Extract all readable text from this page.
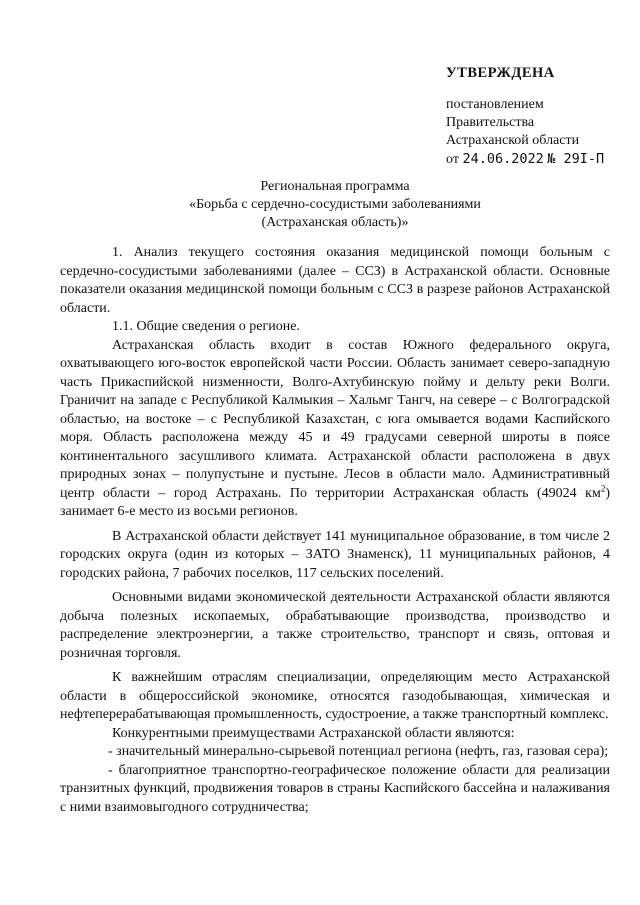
УТВЕРЖДЕНА
постановлением
Правительства
Астраханской области
от 24.06.2022 № 29I-П
Региональная программа
«Борьба с сердечно-сосудистыми заболеваниями
(Астраханская область)»

1. Анализ текущего состояния оказания медицинской помощи больным с сердечно-сосудистыми заболеваниями (далее – ССЗ) в Астраханской области. Основные показатели оказания медицинской помощи больным с ССЗ в разрезе районов Астраханской области.

1.1. Общие сведения о регионе.

Астраханская область входит в состав Южного федерального округа, охватывающего юго-восток европейской части России. Область занимает северо-западную часть Прикаспийской низменности, Волго-Ахтубинскую пойму и дельту реки Волги. Граничит на западе с Республикой Калмыкия – Хальмг Тангч, на севере – с Волгоградской областью, на востоке – с Республикой Казахстан, с юга омывается водами Каспийского моря. Область расположена между 45 и 49 градусами северной широты в поясе континентального засушливого климата. Астраханской области расположена в двух природных зонах – полупустыне и пустыне. Лесов в области мало. Административный центр области – город Астрахань. По территории Астраханская область (49024 $км^2$) занимает 6-е место из восьми регионов.

В Астраханской области действует 141 муниципальное образование, в том числе 2 городских округа (один из которых – ЗАТО Знаменск), 11 муниципальных районов, 4 городских района, 7 рабочих поселков, 117 сельских поселений.

Основными видами экономической деятельности Астраханской области являются добыча полезных ископаемых, обрабатывающие производства, производство и распределение электроэнергии, а также строительство, транспорт и связь, оптовая и розничная торговля.

К важнейшим отраслям специализации, определяющим место Астраханской области в общероссийской экономике, относятся газодобывающая, химическая и нефтеперерабатывающая промышленность, судостроение, а также транспортный комплекс.

Конкурентными преимуществами Астраханской области являются:

- значительный минерально-сырьевой потенциал региона (нефть, газ, газовая сера);

- благоприятное транспортно-географическое положение области для реализации транзитных функций, продвижения товаров в страны Каспийского бассейна и налаживания с ними взаимовыгодного сотрудничества;
